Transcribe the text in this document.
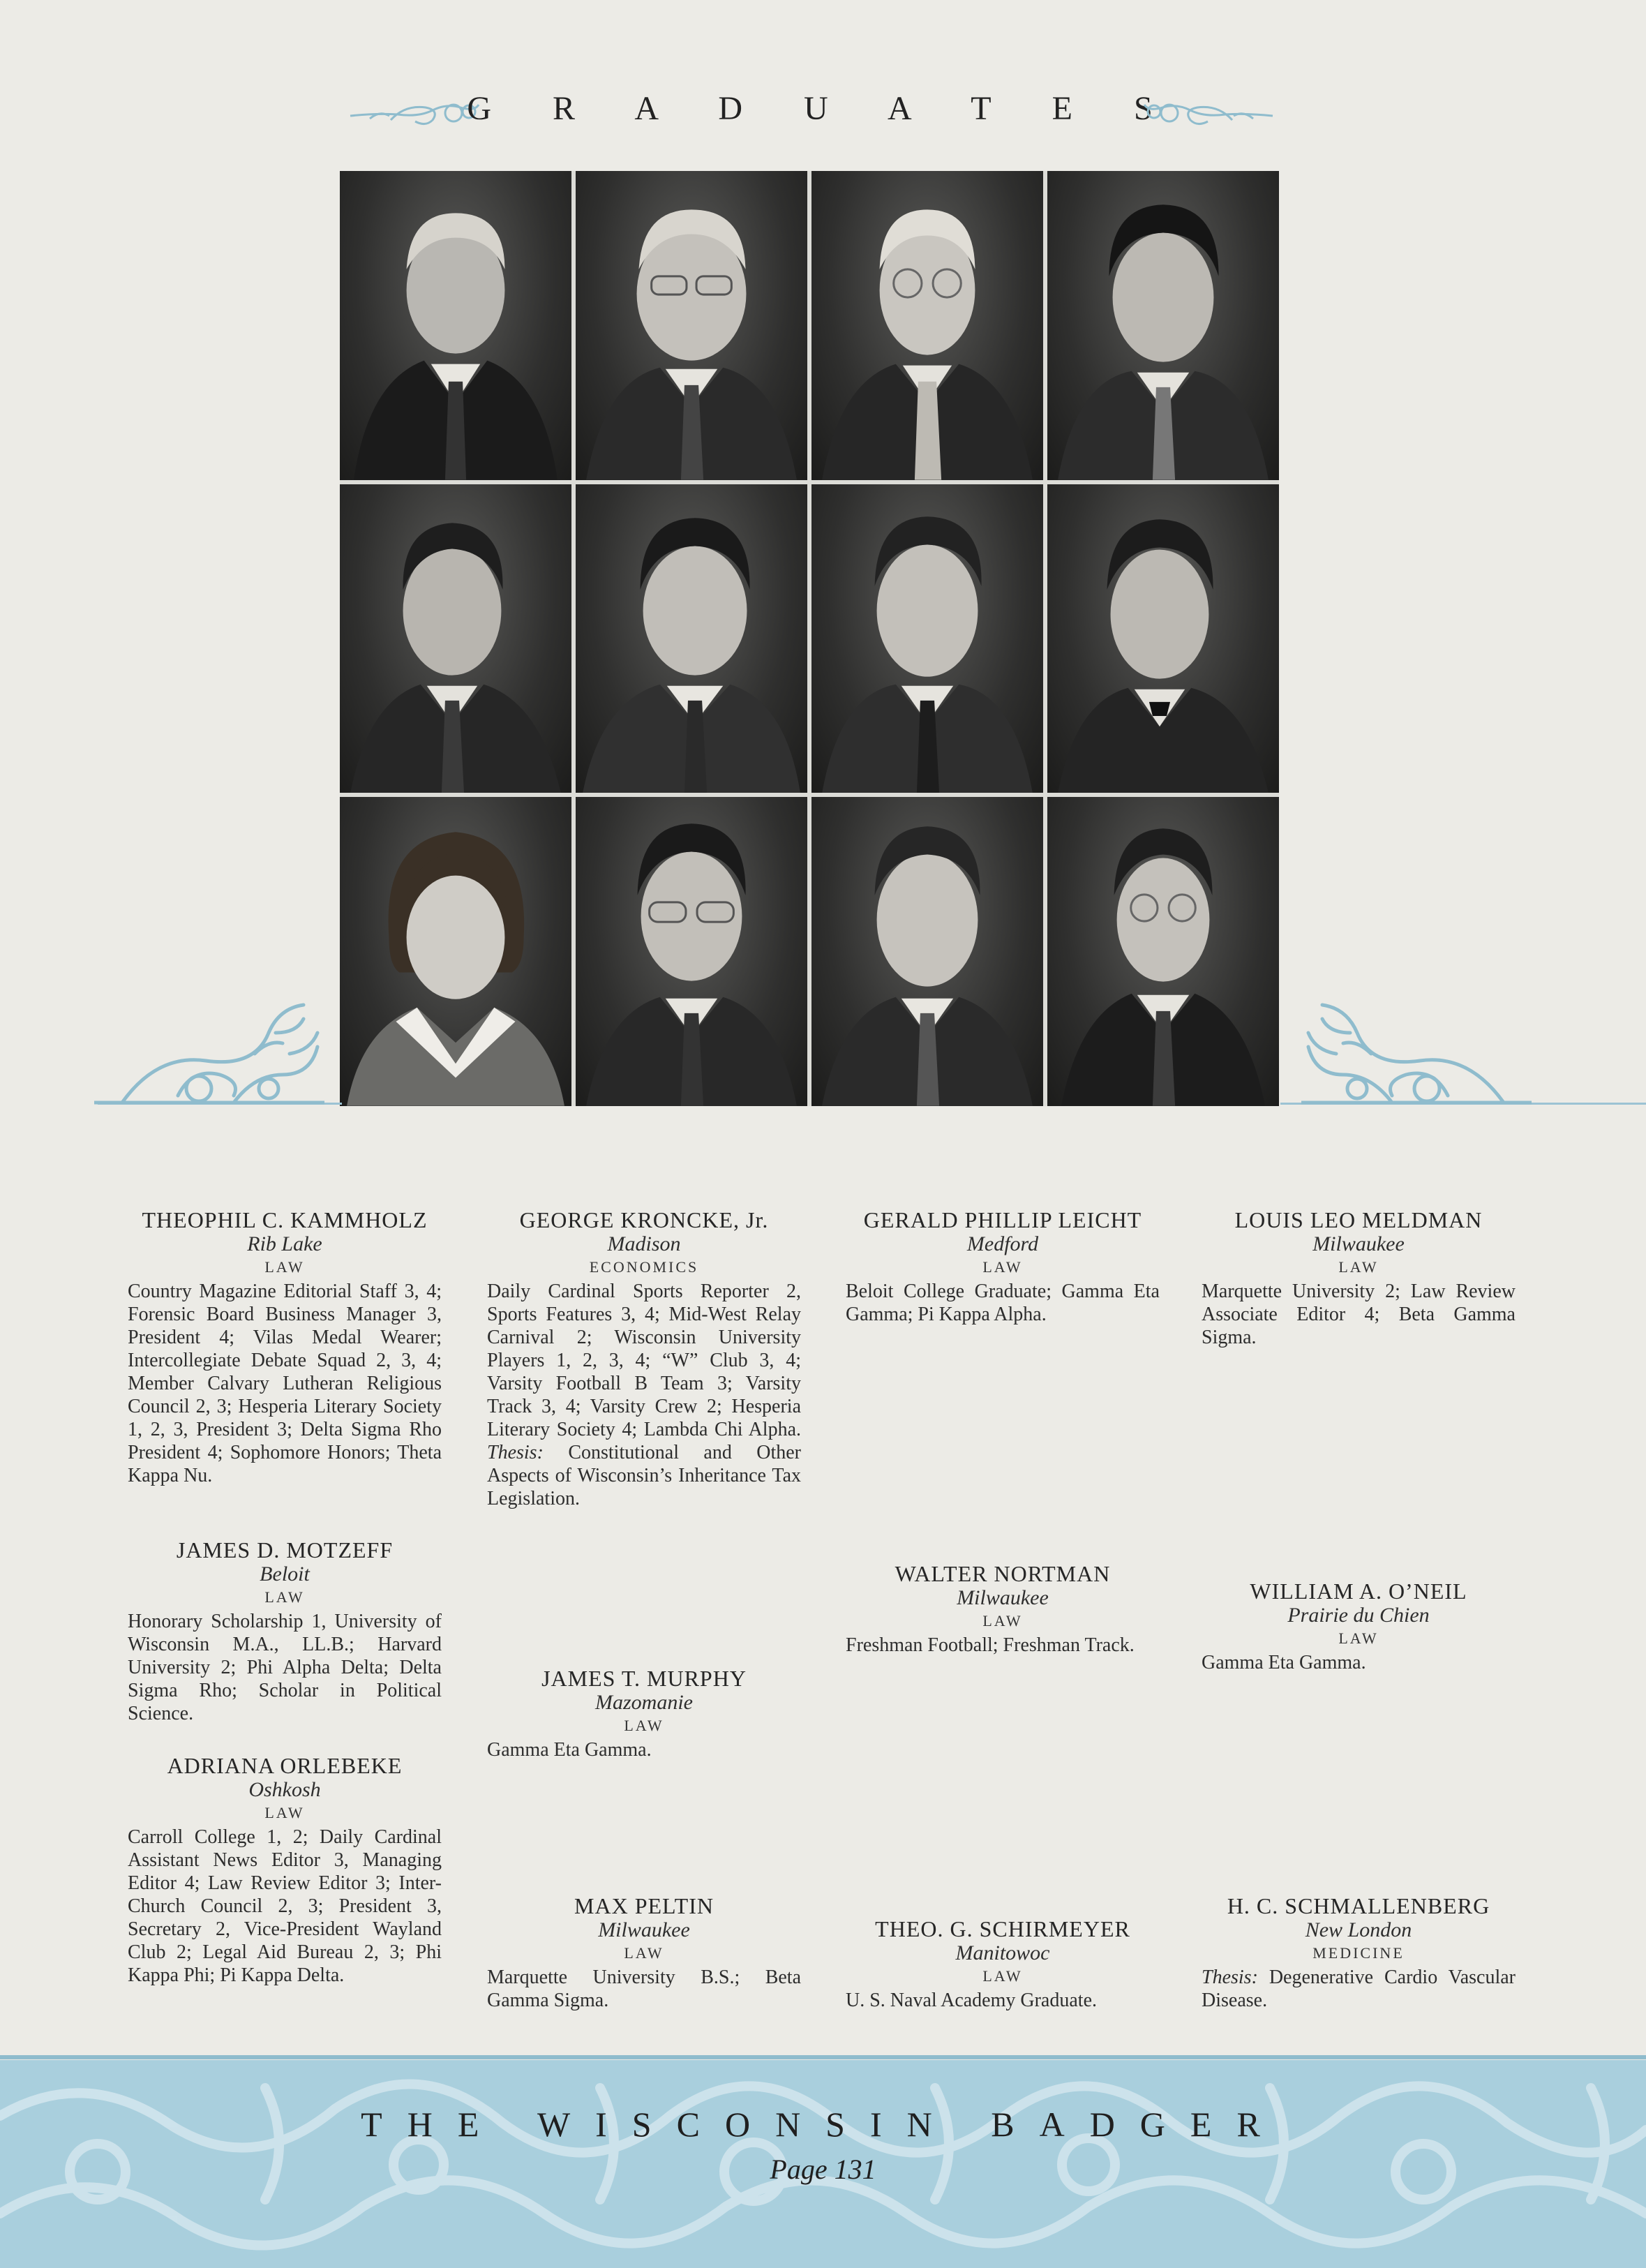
G R A D U A T E S
THEOPHIL C. KAMMHOLZ
Rib Lake
LAW
Country Magazine Editorial Staff 3, 4; Forensic Board Business Manager 3, President 4; Vilas Medal Wearer; Intercollegiate Debate Squad 2, 3, 4; Member Calvary Lutheran Religious Council 2, 3; Hesperia Literary Society 1, 2, 3, President 3; Delta Sigma Rho President 4; Sophomore Honors; Theta Kappa Nu.
JAMES D. MOTZEFF
Beloit
LAW
Honorary Scholarship 1, University of Wisconsin M.A., LL.B.; Harvard University 2; Phi Alpha Delta; Delta Sigma Rho; Scholar in Political Science.
ADRIANA ORLEBEKE
Oshkosh
LAW
Carroll College 1, 2; Daily Cardinal Assistant News Editor 3, Managing Editor 4; Law Review Editor 3; Inter-Church Council 2, 3; President 3, Secretary 2, Vice-President Wayland Club 2; Legal Aid Bureau 2, 3; Phi Kappa Phi; Pi Kappa Delta.
GEORGE KRONCKE, Jr.
Madison
ECONOMICS
Daily Cardinal Sports Reporter 2, Sports Features 3, 4; Mid-West Relay Carnival 2; Wisconsin University Players 1, 2, 3, 4; “W” Club 3, 4; Varsity Football B Team 3; Varsity Track 3, 4; Varsity Crew 2; Hesperia Literary Society 4; Lambda Chi Alpha. Thesis: Constitutional and Other Aspects of Wisconsin’s Inheritance Tax Legislation.
JAMES T. MURPHY
Mazomanie
LAW
Gamma Eta Gamma.
MAX PELTIN
Milwaukee
LAW
Marquette University B.S.; Beta Gamma Sigma.
GERALD PHILLIP LEICHT
Medford
LAW
Beloit College Graduate; Gamma Eta Gamma; Pi Kappa Alpha.
WALTER NORTMAN
Milwaukee
LAW
Freshman Football; Freshman Track.
THEO. G. SCHIRMEYER
Manitowoc
LAW
U. S. Naval Academy Graduate.
LOUIS LEO MELDMAN
Milwaukee
LAW
Marquette University 2; Law Review Associate Editor 4; Beta Gamma Sigma.
WILLIAM A. O’NEIL
Prairie du Chien
LAW
Gamma Eta Gamma.
H. C. SCHMALLENBERG
New London
MEDICINE
Thesis: Degenerative Cardio Vascular Disease.
THE WISCONSIN BADGER
Page 131
